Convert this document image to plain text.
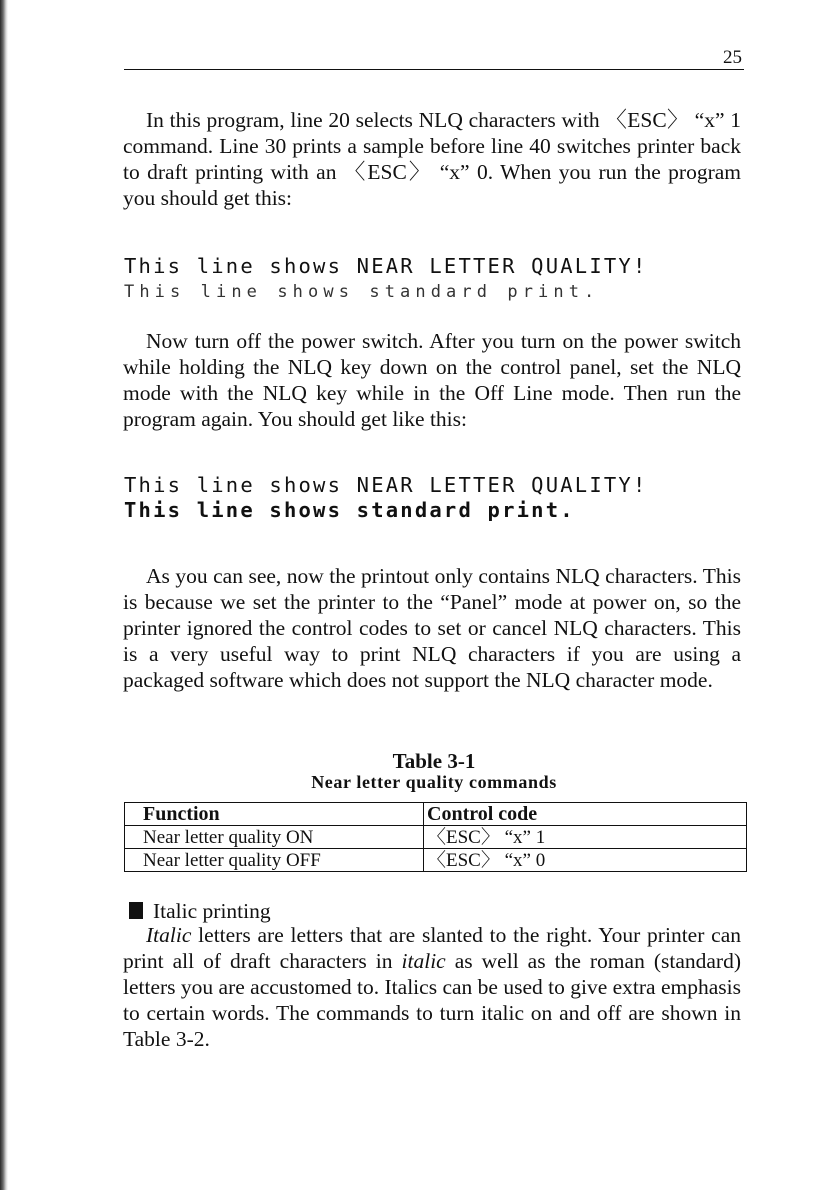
25

In this program, line 20 selects NLQ characters with 〈ESC〉 “x” 1 command. Line 30 prints a sample before line 40 switches printer back to draft printing with an 〈ESC〉 “x” 0. When you run the program you should get this:

This line shows NEAR LETTER QUALITY!
This line shows standard print.

Now turn off the power switch. After you turn on the power switch while holding the NLQ key down on the control panel, set the NLQ mode with the NLQ key while in the Off Line mode. Then run the program again. You should get like this:

This line shows NEAR LETTER QUALITY!
This line shows standard print.

As you can see, now the printout only contains NLQ characters. This is because we set the printer to the “Panel” mode at power on, so the printer ignored the control codes to set or cancel NLQ characters. This is a very useful way to print NLQ characters if you are using a packaged software which does not support the NLQ character mode.

Table 3-1
Near letter quality commands
Function	Control code
Near letter quality ON	〈ESC〉 “x” 1
Near letter quality OFF	〈ESC〉 “x” 0
Italic printing

Italic letters are letters that are slanted to the right. Your printer can print all of draft characters in italic as well as the roman (standard) letters you are accustomed to. Italics can be used to give extra emphasis to certain words. The commands to turn italic on and off are shown in Table 3-2.
